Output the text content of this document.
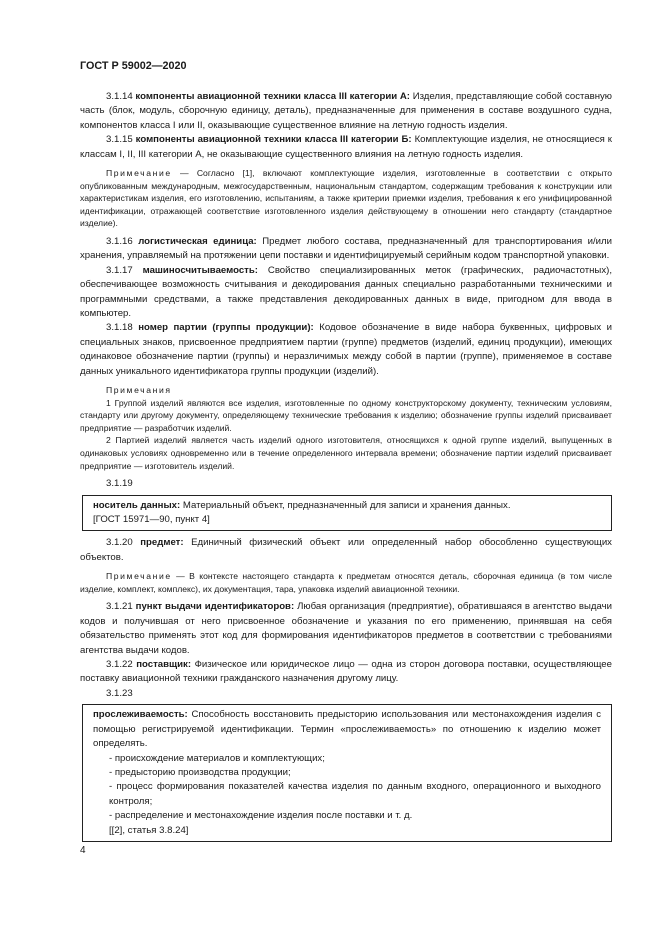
ГОСТ Р 59002—2020

3.1.14 компоненты авиационной техники класса III категории А: Изделия, представляющие собой составную часть (блок, модуль, сборочную единицу, деталь), предназначенные для применения в составе воздушного судна, компонентов класса I или II, оказывающие существенное влияние на летную годность изделия.

3.1.15 компоненты авиационной техники класса III категории Б: Комплектующие изделия, не относящиеся к классам I, II, III категории А, не оказывающие существенного влияния на летную годность изделия.

Примечание — Согласно [1], включают комплектующие изделия, изготовленные в соответствии с открыто опубликованным международным, межгосударственным, национальным стандартом, содержащим требования к конструкции или характеристикам изделия, его изготовлению, испытаниям, а также критерии приемки изделия, требования к его унифицированной идентификации, отражающей соответствие изготовленного изделия действующему в отношении него стандарту (стандартное изделие).

3.1.16 логистическая единица: Предмет любого состава, предназначенный для транспортирования и/или хранения, управляемый на протяжении цепи поставки и идентифицируемый серийным кодом транспортной упаковки.

3.1.17 машиносчитываемость: Свойство специализированных меток (графических, радиочастотных), обеспечивающее возможность считывания и декодирования данных специально разработанными техническими и программными средствами, а также представления декодированных данных в виде, пригодном для ввода в компьютер.

3.1.18 номер партии (группы продукции): Кодовое обозначение в виде набора буквенных, цифровых и специальных знаков, присвоенное предприятием партии (группе) предметов (изделий, единиц продукции), имеющих одинаковое обозначение партии (группы) и неразличимых между собой в партии (группе), применяемое в составе данных уникального идентификатора группы продукции (изделий).

Примечания

1 Группой изделий являются все изделия, изготовленные по одному конструкторскому документу, техническим условиям, стандарту или другому документу, определяющему технические требования к изделию; обозначение группы изделий присваивает предприятие — разработчик изделий.

2 Партией изделий является часть изделий одного изготовителя, относящихся к одной группе изделий, выпущенных в одинаковых условиях одновременно или в течение определенного интервала времени; обозначение партии изделий присваивает предприятие — изготовитель изделий.

3.1.19

носитель данных: Материальный объект, предназначенный для записи и хранения данных.

[ГОСТ 15971—90, пункт 4]

3.1.20 предмет: Единичный физический объект или определенный набор обособленно существующих объектов.

Примечание — В контексте настоящего стандарта к предметам относятся деталь, сборочная единица (в том числе изделие, комплект, комплекс), их документация, тара, упаковка изделий авиационной техники.

3.1.21 пункт выдачи идентификаторов: Любая организация (предприятие), обратившаяся в агентство выдачи кодов и получившая от него присвоенное обозначение и указания по его применению, принявшая на себя обязательство применять этот код для формирования идентификаторов предметов в соответствии с требованиями агентства выдачи кодов.

3.1.22 поставщик: Физическое или юридическое лицо — одна из сторон договора поставки, осуществляющее поставку авиационной техники гражданского назначения другому лицу.

3.1.23

прослеживаемость: Способность восстановить предысторию использования или местонахождения изделия с помощью регистрируемой идентификации. Термин «прослеживаемость» по отношению к изделию может определять.

- происхождение материалов и комплектующих;

- предысторию производства продукции;

- процесс формирования показателей качества изделия по данным входного, операционного и выходного контроля;

- распределение и местонахождение изделия после поставки и т. д.

[[2], статья 3.8.24]

4
